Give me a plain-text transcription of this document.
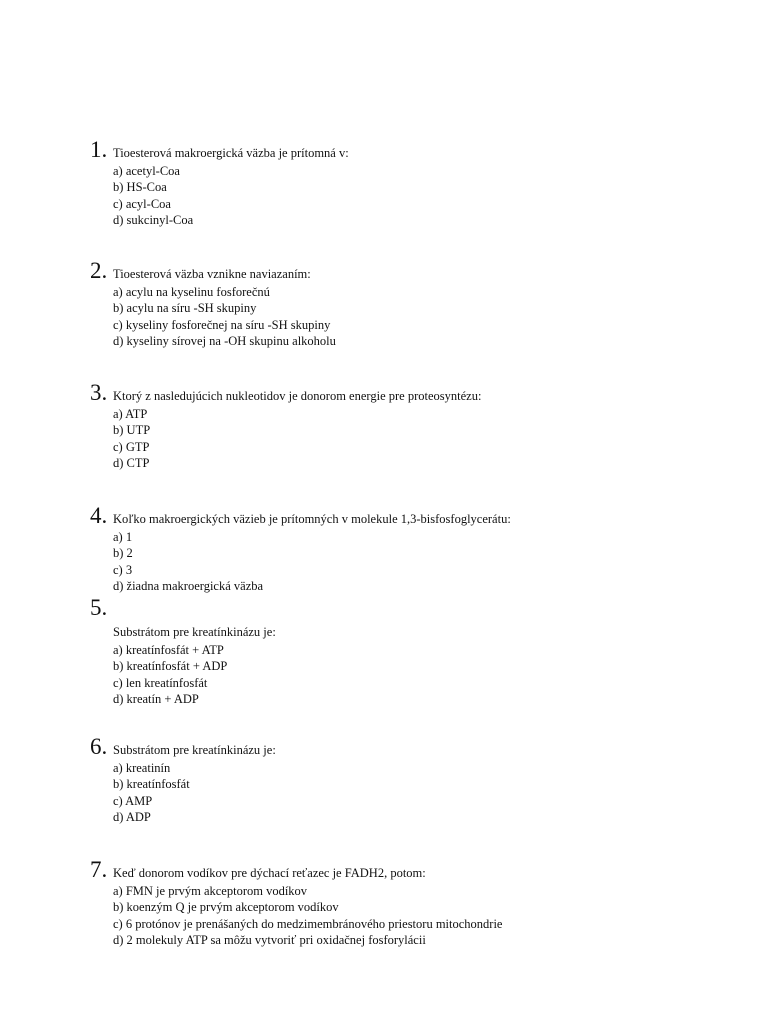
1. Tioesterová makroergická väzba je prítomná v:
a) acetyl-Coa
b) HS-Coa
c) acyl-Coa
d) sukcinyl-Coa
2. Tioesterová väzba vznikne naviazaním:
a) acylu na kyselinu fosforečnú
b) acylu na síru -SH skupiny
c) kyseliny fosforečnej na síru -SH skupiny
d) kyseliny sírovej na -OH skupinu alkoholu
3. Ktorý z nasledujúcich nukleotidov je donorom energie pre proteosyntézu:
a) ATP
b) UTP
c) GTP
d) CTP
4. Koľko makroergických väzieb je prítomných v molekule 1,3-bisfosfoglycerátu:
a) 1
b) 2
c) 3
d) žiadna makroergická väzba
5.
Substrátom pre kreatínkinázu je:
a) kreatínfosfát + ATP
b) kreatínfosfát + ADP
c) len kreatínfosfát
d) kreatín + ADP
6. Substrátom pre kreatínkinázu je:
a) kreatinín
b) kreatínfosfát
c) AMP
d) ADP
7. Keď donorom vodíkov pre dýchací reťazec je FADH2, potom:
a) FMN je prvým akceptorom vodíkov
b) koenzým Q je prvým akceptorom vodíkov
c) 6 protónov je prenášaných do medzimembránového priestoru mitochondrie
d) 2 molekuly ATP sa môžu vytvoriť pri oxidačnej fosforylácii
